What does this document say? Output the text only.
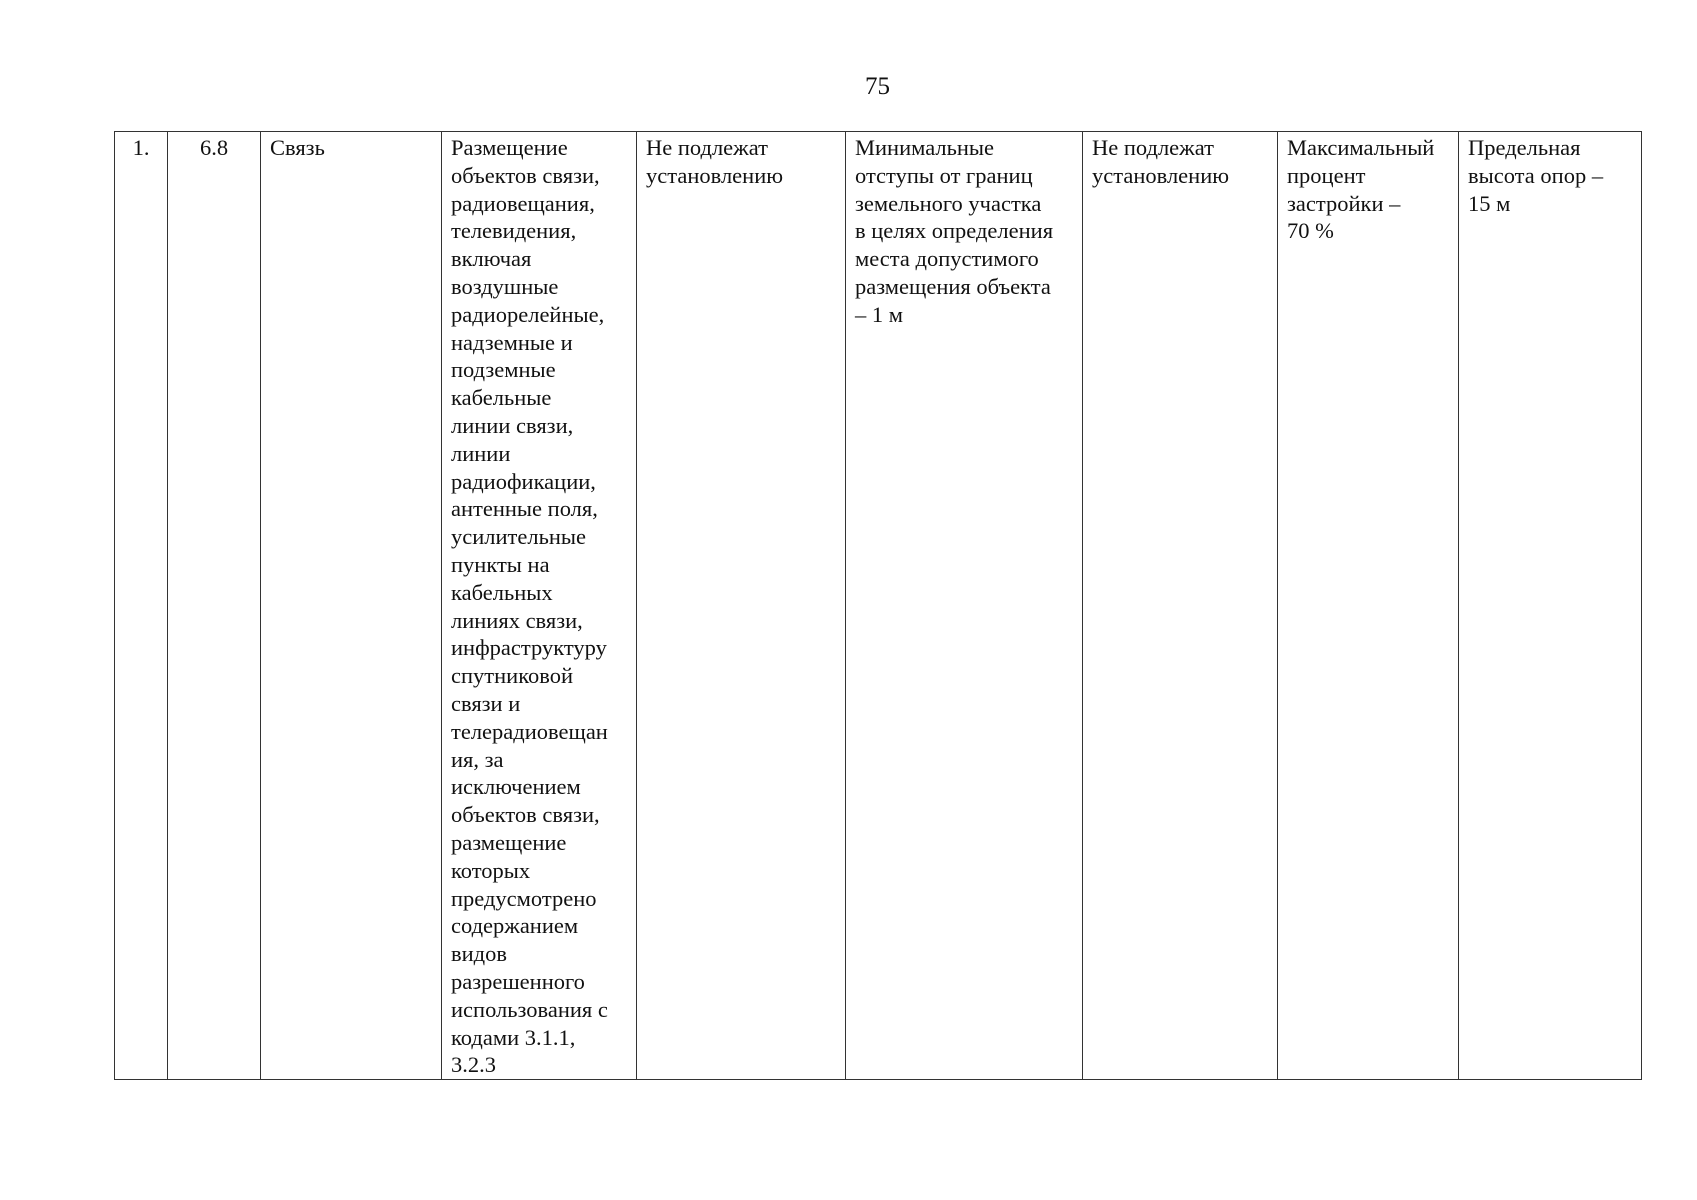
75
1.	6.8	Связь	Размещение
объектов связи,
радиовещания,
телевидения,
включая
воздушные
радиорелейные,
надземные и
подземные
кабельные
линии связи,
линии
радиофикации,
антенные поля,
усилительные
пункты на
кабельных
линиях связи,
инфраструктуру
спутниковой
связи и
телерадиовещан
ия, за
исключением
объектов связи,
размещение
которых
предусмотрено
содержанием
видов
разрешенного
использования с
кодами 3.1.1,
3.2.3	Не подлежат
установлению	Минимальные
отступы от границ
земельного участка
в целях определения
места допустимого
размещения объекта
– 1 м	Не подлежат
установлению	Максимальный
процент
застройки –
70 %	Предельная
высота опор –
15 м
